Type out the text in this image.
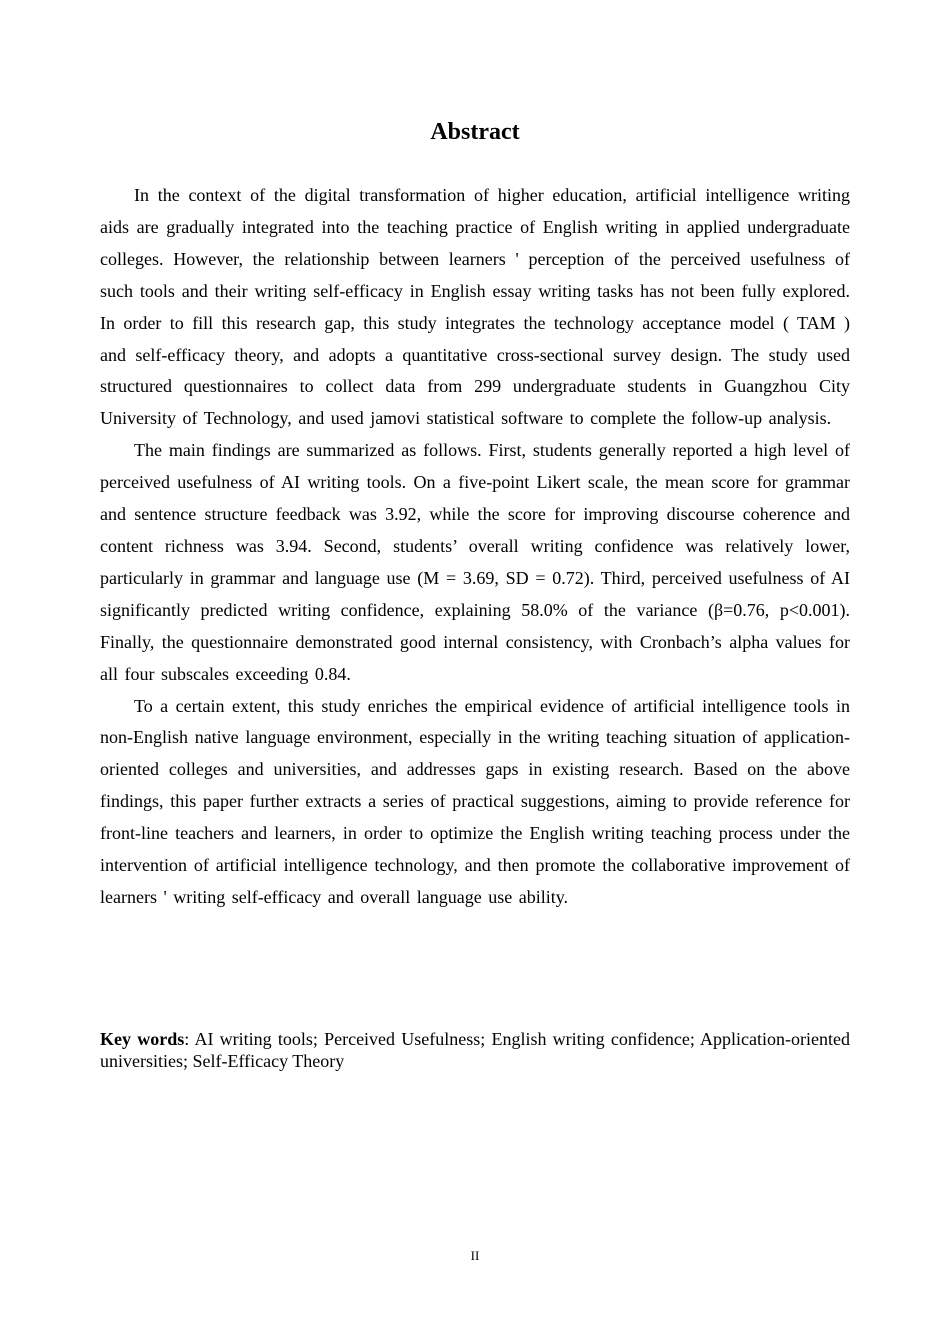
Abstract

In the context of the digital transformation of higher education, artificial intelligence writing aids are gradually integrated into the teaching practice of English writing in applied undergraduate colleges. However, the relationship between learners ' perception of the perceived usefulness of such tools and their writing self-efficacy in English essay writing tasks has not been fully explored. In order to fill this research gap, this study integrates the technology acceptance model ( TAM ) and self-efficacy theory, and adopts a quantitative cross-sectional survey design. The study used structured questionnaires to collect data from 299 undergraduate students in Guangzhou City University of Technology, and used jamovi statistical software to complete the follow-up analysis.

The main findings are summarized as follows. First, students generally reported a high level of perceived usefulness of AI writing tools. On a five-point Likert scale, the mean score for grammar and sentence structure feedback was 3.92, while the score for improving discourse coherence and content richness was 3.94. Second, students’ overall writing confidence was relatively lower, particularly in grammar and language use (M = 3.69, SD = 0.72). Third, perceived usefulness of AI significantly predicted writing confidence, explaining 58.0% of the variance (β=0.76, p<0.001). Finally, the questionnaire demonstrated good internal consistency, with Cronbach’s alpha values for all four subscales exceeding 0.84.

To a certain extent, this study enriches the empirical evidence of artificial intelligence tools in non-English native language environment, especially in the writing teaching situation of application-oriented colleges and universities, and addresses gaps in existing research. Based on the above findings, this paper further extracts a series of practical suggestions, aiming to provide reference for front-line teachers and learners, in order to optimize the English writing teaching process under the intervention of artificial intelligence technology, and then promote the collaborative improvement of learners ' writing self-efficacy and overall language use ability.

Key words: AI writing tools; Perceived Usefulness; English writing confidence; Application-oriented universities; Self-Efficacy Theory

II
